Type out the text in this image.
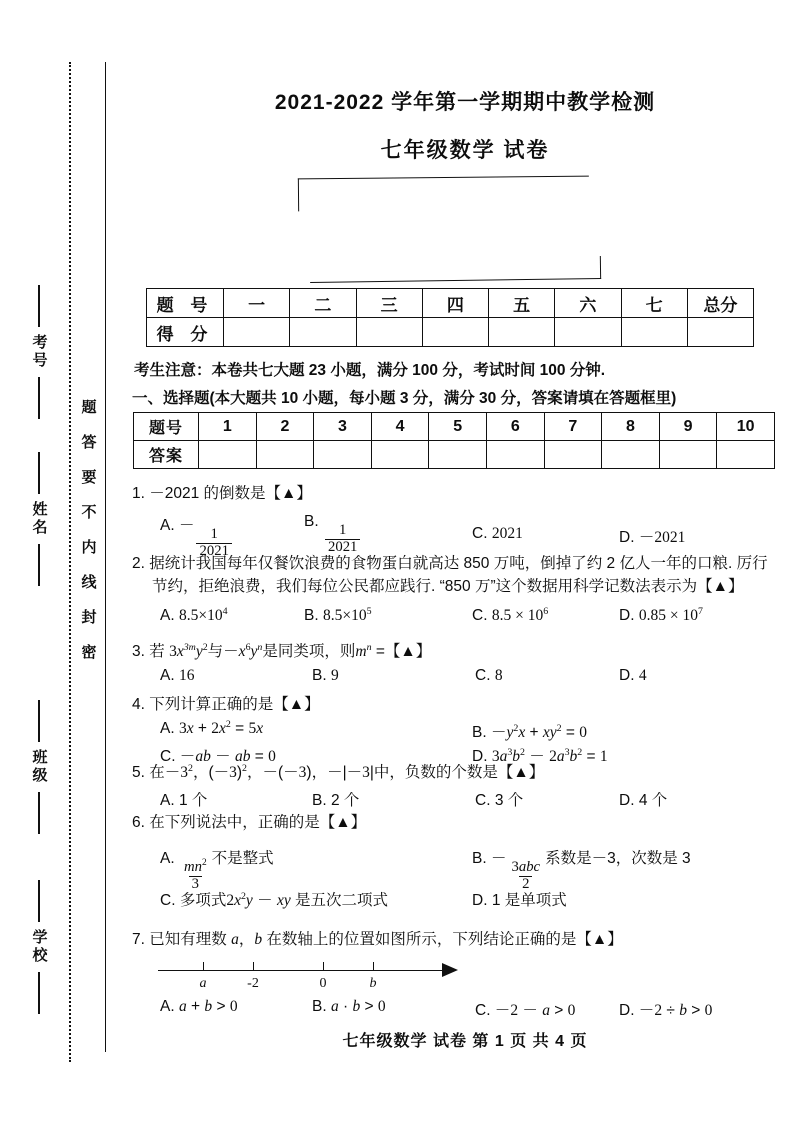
考号
姓名
班级
学校
密
封
线
内
不
要
答
题
2021-2022 学年第一学期期中教学检测
七年级数学 试卷
题 号	一	二	三	四	五	六	七	总分
得 分								
考生注意：本卷共七大题 23 小题，满分 100 分，考试时间 100 分钟.
一、选择题(本大题共 10 小题，每小题 3 分，满分 30 分，答案请填在答题框里)
题号	1	2	3	4	5	6	7	8	9	10
答案										
1. －2021 的倒数是【▲】
A. －
$\frac{1}{2021}$
B.
$\frac{1}{2021}$	C. 2021	D. －2021
2. 据统计我国每年仅餐饮浪费的食物蛋白就高达 850 万吨，倒掉了约 2 亿人一年的口粮. 厉行
节约，拒绝浪费，我们每位公民都应践行. “850 万”这个数据用科学记数法表示为【▲】
A. $8.5\times 10^4$	B. $8.5\times 10^5$	C. $8.5 \times 10^6$	D. $0.85 \times 10^7$
3. 若 $3x^{3m}y^2$与$-x^6y^n$是同类项，则$m^n$ =【▲】
A. 16	B. 9	C. 8	D. 4
4. 下列计算正确的是【▲】
A. $3x + 2x^2 = 5x$	B. $-y^2x + xy^2 = 0$
C. －ab － ab = 0	D. $3a^3b^2 - 2a^3b^2 = 1$
5. 在$-3^2$，$(-3)^2$，－(－3)，－|－3|中，负数的个数是【▲】
A. 1 个	B. 2 个	C. 3 个	D. 4 个
6. 在下列说法中，正确的是【▲】
A.
$\frac{mn^2}{3}$
不是整式	B. －
$\frac{\text{3abc}}{2}$
系数是－3，次数是 3
C. 多项式$2x^2y$ － xy 是五次二项式	D. 1 是单项式
7. 已知有理数 a，b 在数轴上的位置如图所示，下列结论正确的是【▲】
a	-2	0	b
A. a + b > 0	B. a · b > 0	C. －2 － a > 0	D. －2 ÷ b > 0
七年级数学 试卷 第 1 页 共 4 页
